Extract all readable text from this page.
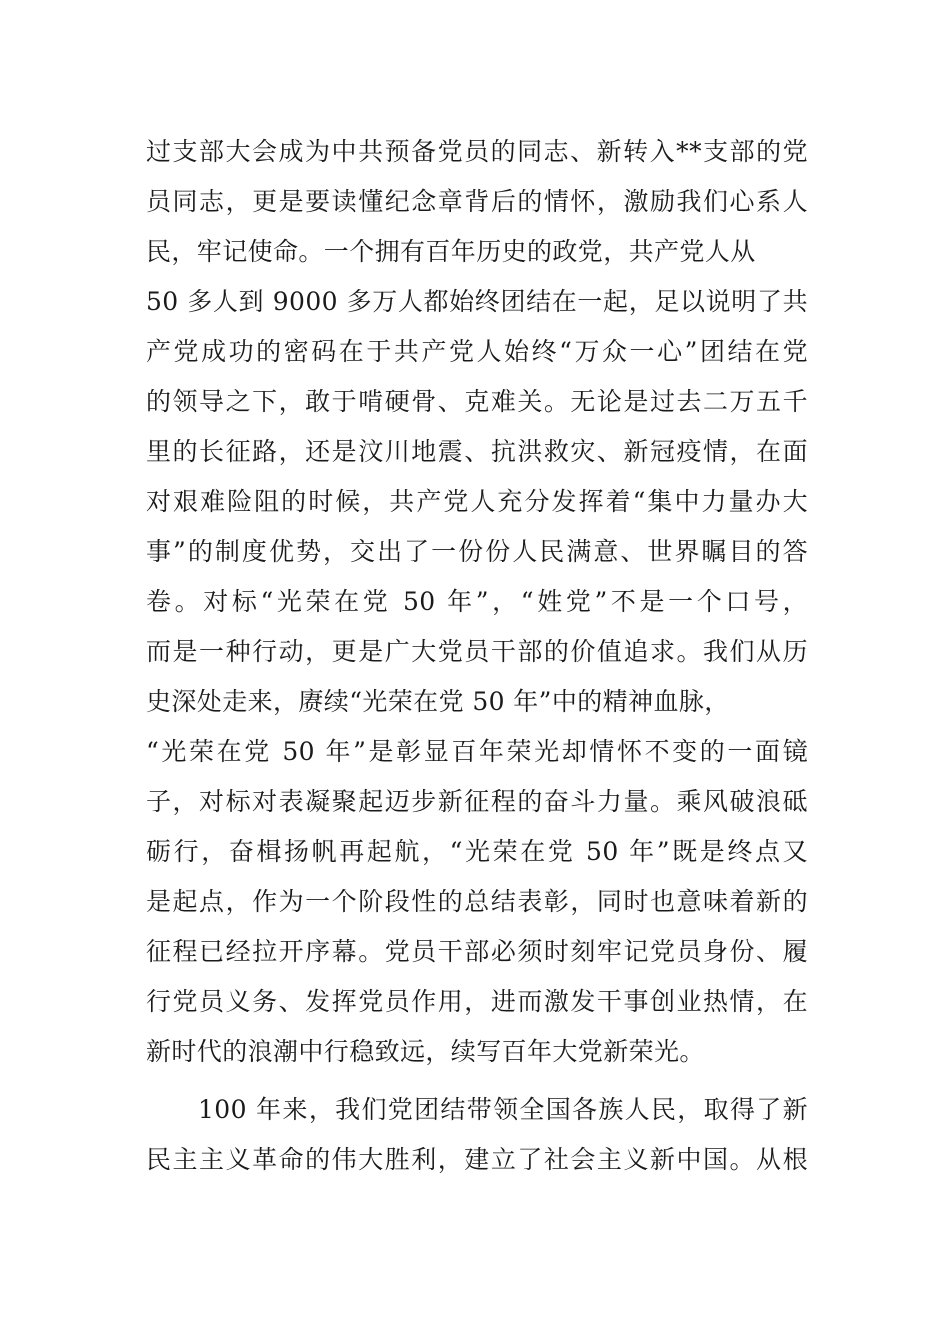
过支部大会成为中共预备党员的同志、新转入**支部的党
员同志，更是要读懂纪念章背后的情怀，激励我们心系人
民，牢记使命。一个拥有百年历史的政党，共产党人从
50 多人到 9000 多万人都始终团结在一起，足以说明了共
产党成功的密码在于共产党人始终“万众一心”团结在党
的领导之下，敢于啃硬骨、克难关。无论是过去二万五千
里的长征路，还是汶川地震、抗洪救灾、新冠疫情，在面
对艰难险阻的时候，共产党人充分发挥着“集中力量办大
事”的制度优势，交出了一份份人民满意、世界瞩目的答
卷。对标“光荣在党 50 年”，“姓党”不是一个口号，
而是一种行动，更是广大党员干部的价值追求。我们从历
史深处走来，赓续“光荣在党 50 年”中的精神血脉，
“光荣在党 50 年”是彰显百年荣光却情怀不变的一面镜
子，对标对表凝聚起迈步新征程的奋斗力量。乘风破浪砥
砺行，奋楫扬帆再起航，“光荣在党 50 年”既是终点又
是起点，作为一个阶段性的总结表彰，同时也意味着新的
征程已经拉开序幕。党员干部必须时刻牢记党员身份、履
行党员义务、发挥党员作用，进而激发干事创业热情，在
新时代的浪潮中行稳致远，续写百年大党新荣光。
100 年来，我们党团结带领全国各族人民，取得了新
民主主义革命的伟大胜利，建立了社会主义新中国。从根
